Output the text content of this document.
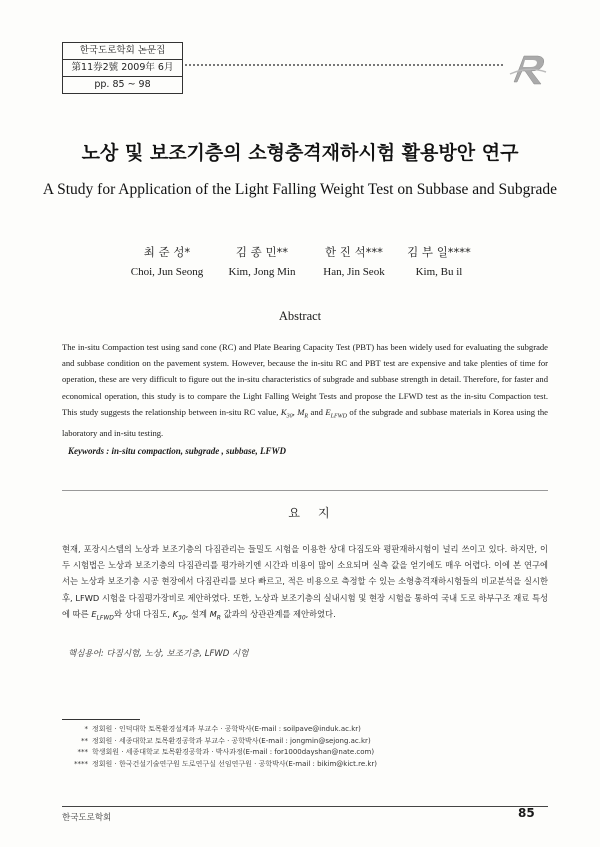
한국도로학회 논문집
第11券2號 2009年 6月
pp. 85 ~ 98
노상 및 보조기층의 소형충격재하시험 활용방안 연구
A Study for Application of the Light Falling Weight Test on Subbase and Subgrade
최 준 성*
Choi, Jun Seong
김 종 민**
Kim, Jong Min
한 진 석***
Han, Jin Seok
김 부 일****
Kim, Bu il
Abstract
The in-situ Compaction test using sand cone (RC) and Plate Bearing Capacity Test (PBT) has been widely used for evaluating the subgrade and subbase condition on the pavement system. However, because the in-situ RC and PBT test are expensive and take plenties of time for operation, these are very difficult to figure out the in-situ characteristics of subgrade and subbase strength in detail. Therefore, for faster and economical operation, this study is to compare the Light Falling Weight Tests and propose the LFWD test as the in-situ Compaction test. This study suggests the relationship between in-situ RC value, $K_{30}$, $M_R$ and $E_{LFWD}$ of the subgrade and subbase materials in Korea using the laboratory and in-situ testing.
Keywords : in-situ compaction, subgrade , subbase, LFWD
요지
현재, 포장시스템의 노상과 보조기층의 다짐관리는 들밀도 시험을 이용한 상대 다짐도와 평판재하시험이 널리 쓰이고 있다. 하지만, 이 두 시험법은 노상과 보조기층의 다짐관리를 평가하기엔 시간과 비용이 많이 소요되며 실측 값을 얻기에도 매우 어렵다. 이에 본 연구에서는 노상과 보조기층 시공 현장에서 다짐관리를 보다 빠르고, 적은 비용으로 측정할 수 있는 소형충격재하시험들의 비교분석을 실시한 후, LFWD 시험을 다짐평가장비로 제안하였다. 또한, 노상과 보조기층의 실내시험 및 현장 시험을 통하여 국내 도로 하부구조 재료 특성에 따른 $E_{LFWD}$와 상대 다짐도, $K_{30}$, 설계 $M_R$ 값과의 상관관계를 제안하였다.
핵심용어: 다짐시험, 노상, 보조기층, LFWD 시험
* 정회원 · 인덕대학 토목환경설계과 부교수 · 공학박사(E-mail : soilpave@induk.ac.kr)
** 정회원 · 세종대학교 토목환경공학과 부교수 · 공학박사(E-mail : jongmin@sejong.ac.kr)
*** 학생회원 · 세종대학교 토목환경공학과 · 박사과정(E-mail : for1000dayshan@nate.com)
**** 정회원 · 한국건설기술연구원 도로연구실 선임연구원 · 공학박사(E-mail : bikim@kict.re.kr)
한국도로학회	85
